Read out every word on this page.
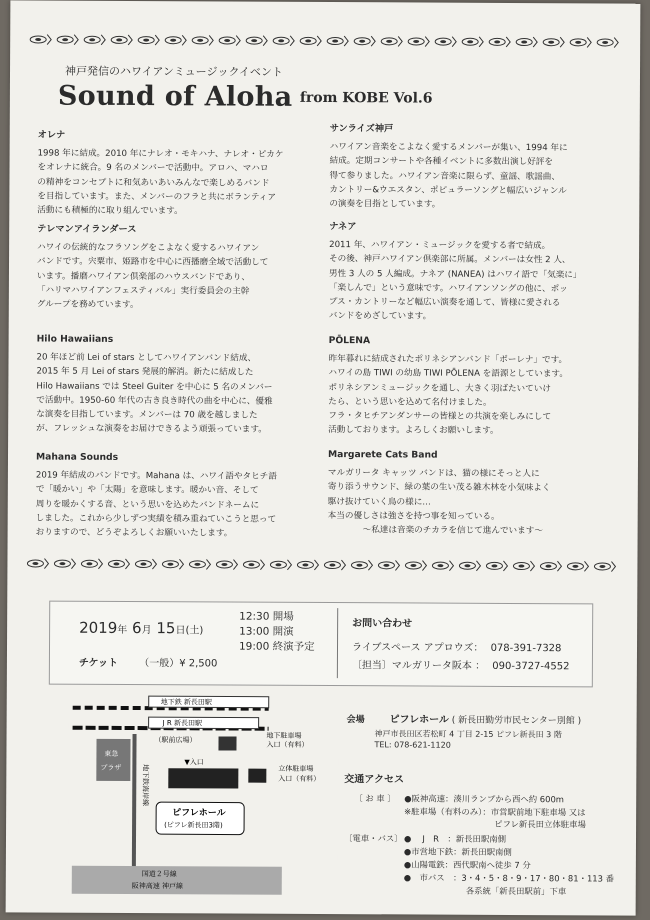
神戸発信のハワイアンミュージックイベント
Sound of Aloha from KOBE Vol.6
オレナ
1998 年に結成。2010 年にナレオ・モキハナ、ナレオ・ピカケ
をオレナに統合。9 名のメンバーで活動中。アロハ、マハロ
の精神をコンセプトに和気あいあいみんなで楽しめるバンド
を目指しています。また、メンバーのフラと共にボランティア
活動にも積極的に取り組んでいます。
テレマンアイランダース
ハワイの伝統的なフラソングをこよなく愛するハワイアン
バンドです。宍粟市、姫路市を中心に西播磨全域で活動して
います。播磨ハワイアン倶楽部のハウスバンドであり、
「ハリマハワイアンフェスティバル」実行委員会の主幹
グループを務めています。
Hilo Hawaiians
20 年ほど前 Lei of stars としてハワイアンバンド結成、
2015 年 5 月 Lei of stars 発展的解消。新たに結成した
Hilo Hawaiians では Steel Guiter を中心に 5 名のメンバー
で活動中。1950-60 年代の古き良き時代の曲を中心に、優雅
な演奏を目指しています。メンバーは 70 歳を越しました
が、フレッシュな演奏をお届けできるよう頑張っています。
Mahana Sounds
2019 年結成のバンドです。Mahana は、ハワイ語やタヒチ語
で「暖かい」や「太陽」を意味します。暖かい音、そして
周りを暖かくする音、という思いを込めたバンドネームに
しました。これから少しずつ実績を積み重ねていこうと思って
おりますので、どうぞよろしくお願いいたします。
サンライズ神戸
ハワイアン音楽をこよなく愛するメンバーが集い、1994 年に
結成。定期コンサートや各種イベントに多数出演し好評を
得て参りました。ハワイアン音楽に限らず、童謡、歌謡曲、
カントリー&ウエスタン、ポピュラーソングと幅広いジャンル
の演奏を目指としています。
ナネア
2011 年、ハワイアン・ミュージックを愛する者で結成。
その後、神戸ハワイアン倶楽部に所属。メンバーは女性 2 人、
男性 3 人の 5 人編成。ナネア (NANEA) はハワイ語で「気楽に」
「楽しんで」という意味です。ハワイアンソングの他に、ポッ
プス・カントリーなど幅広い演奏を通して、皆様に愛される
バンドをめざしています。
PŌLENA
昨年暮れに結成されたポリネシアンバンド「ポーレナ」です。
ハワイの島 TIWI の幼島 TIWI PŌLENA を語源としています。
ポリネシアンミュージックを通し、大きく羽ばたいていけ
たら、という思いを込めて名付けました。
フラ・タヒチアンダンサーの皆様との共演を楽しみにして
活動しております。よろしくお願いします。
Margarete Cats Band
マルガリータ キャッツ バンドは、猫の様にそっと人に
寄り添うサウンド、緑の葉の生い茂る雑木林を小気味よく
駆け抜けていく鳥の様に…
本当の優しさは強さを持つ事を知っている。
〜私達は音楽のチカラを信じて進んでいます〜
2019年 6月 15日(土)
チケット （一般）¥ 2,500
12:30 開場
13:00 開演
19:00 終演予定
お問い合わせ
ライブスペース アプロウズ： 078-391-7328
〔担当〕マルガリータ阪本 ： 090-3727-4552
地下鉄 新長田駅
J R 新長田駅
東急
プラザ
（駅前広場）
地下駐車場
入口（有料）
▼入口
立体駐車場
入口（有料）
地下鉄海岸線
ピフレホール
(ピフレ新長田3階)
国道２号線
阪神高速 神戸線
会場 ピフレホール ( 新長田勤労市民センター別館 )
神戸市長田区若松町 4 丁目 2-15 ピフレ新長田 3 階
TEL: 078-621-1120
交通アクセス
〔 お 車 〕 ●阪神高速：湊川ランプから西へ約 600m
※駐車場（有料のみ）：市営駅前地下駐車場 又は
ピフレ新長田立体駐車場
〔電車・バス〕 ●　 J　R　：新長田駅南側
●市営地下鉄：新長田駅南側
●山陽電鉄：西代駅南へ徒歩 7 分
●　市バス　：3・4・5・8・9・17・80・81・113 番
各系統「新長田駅前」下車
